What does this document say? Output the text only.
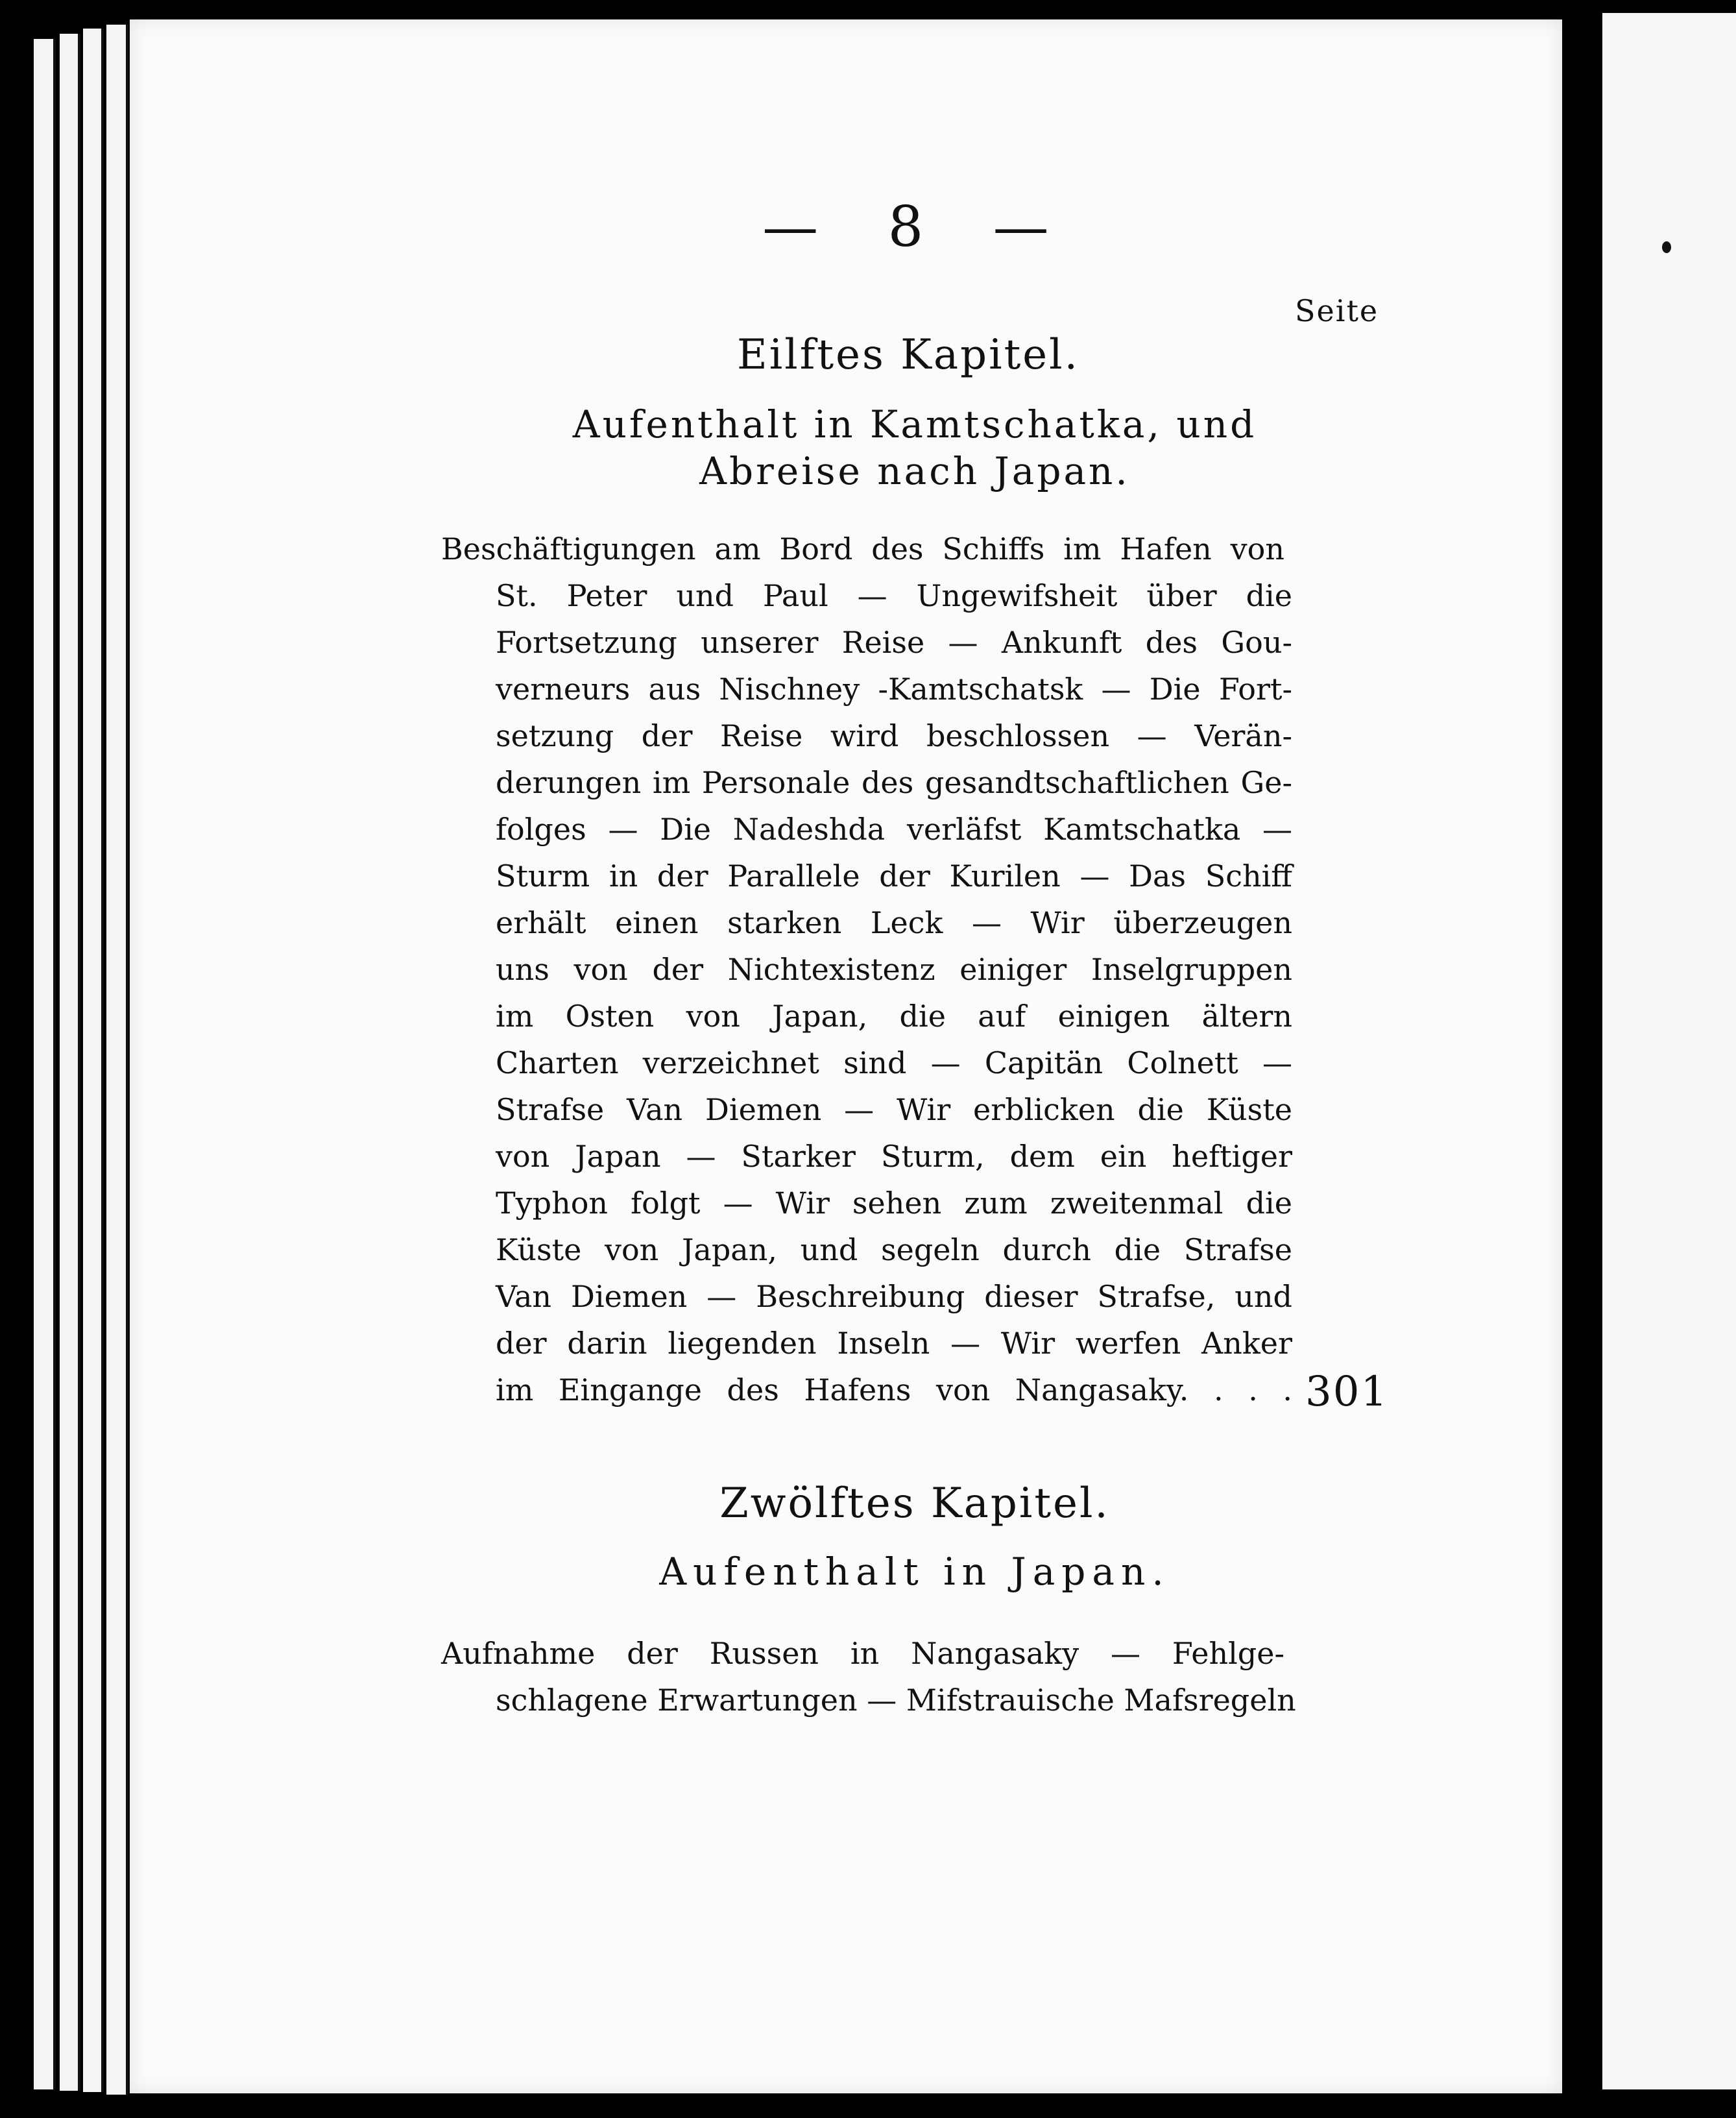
— 8 —
Seite
Eilftes Kapitel.
Aufenthalt in Kamtschatka, und
Abreise nach Japan.
Beschäftigungen am Bord des Schiffs im Hafen von
St. Peter und Paul — Ungewifsheit über die
Fortsetzung unserer Reise — Ankunft des Gou-
verneurs aus Nischney -Kamtschatsk — Die Fort-
setzung der Reise wird beschlossen — Verän-
derungen im Personale des gesandtschaftlichen Ge-
folges — Die Nadeshda verläfst Kamtschatka —
Sturm in der Parallele der Kurilen — Das Schiff
erhält einen starken Leck — Wir überzeugen
uns von der Nichtexistenz einiger Inselgruppen
im Osten von Japan, die auf einigen ältern
Charten verzeichnet sind — Capitän Colnett —
Strafse Van Diemen — Wir erblicken die Küste
von Japan — Starker Sturm, dem ein heftiger
Typhon folgt — Wir sehen zum zweitenmal die
Küste von Japan, und segeln durch die Strafse
Van Diemen — Beschreibung dieser Strafse, und
der darin liegenden Inseln — Wir werfen Anker
im Eingange des Hafens von Nangasaky. . . . 301
Zwölftes Kapitel.
Aufenthalt in Japan.
Aufnahme der Russen in Nangasaky — Fehlge-
schlagene Erwartungen — Mifstrauische Mafsregeln
